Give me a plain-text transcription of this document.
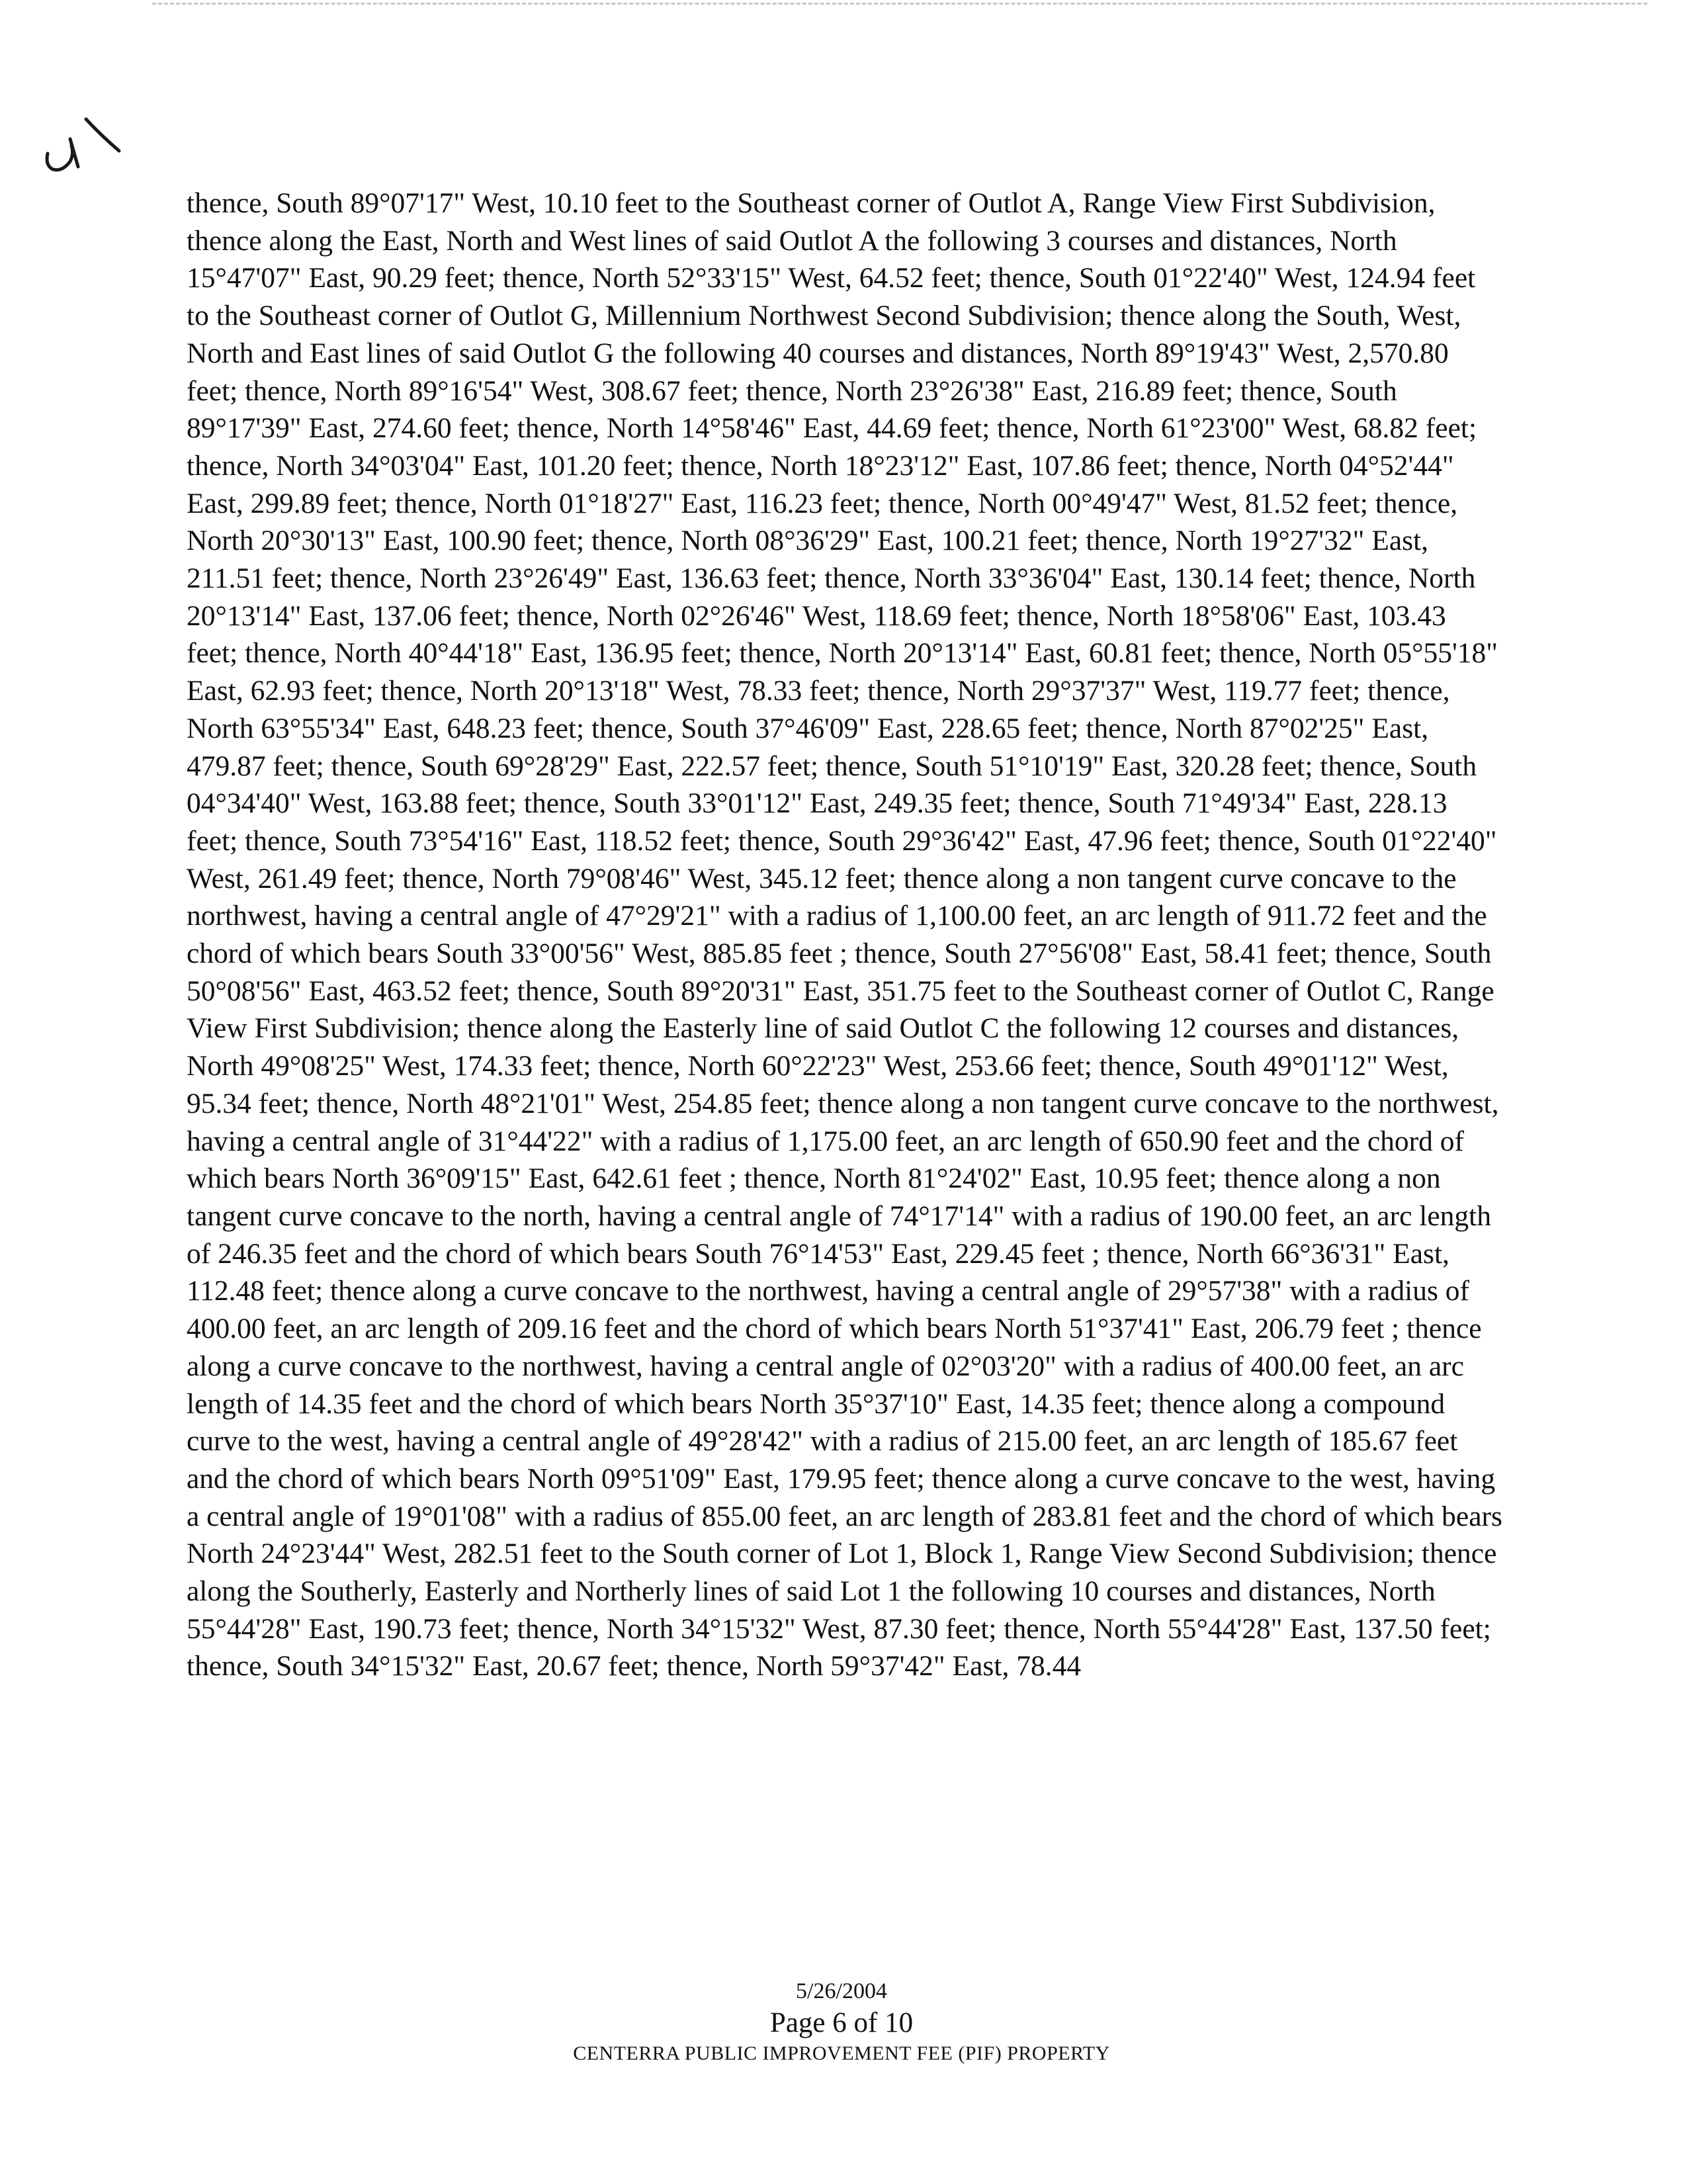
thence, South 89°07'17" West, 10.10 feet to the Southeast corner of Outlot A, Range View First Subdivision, thence along the East, North and West lines of said Outlot A the following 3 courses and distances, North 15°47'07" East, 90.29 feet; thence, North 52°33'15" West, 64.52 feet; thence, South 01°22'40" West, 124.94 feet to the Southeast corner of Outlot G, Millennium Northwest Second Subdivision; thence along the South, West, North and East lines of said Outlot G the following 40 courses and distances, North 89°19'43" West, 2,570.80 feet; thence, North 89°16'54" West, 308.67 feet; thence, North 23°26'38" East, 216.89 feet; thence, South 89°17'39" East, 274.60 feet; thence, North 14°58'46" East, 44.69 feet; thence, North 61°23'00" West, 68.82 feet; thence, North 34°03'04" East, 101.20 feet; thence, North 18°23'12" East, 107.86 feet; thence, North 04°52'44" East, 299.89 feet; thence, North 01°18'27" East, 116.23 feet; thence, North 00°49'47" West, 81.52 feet; thence, North 20°30'13" East, 100.90 feet; thence, North 08°36'29" East, 100.21 feet; thence, North 19°27'32" East, 211.51 feet; thence, North 23°26'49" East, 136.63 feet; thence, North 33°36'04" East, 130.14 feet; thence, North 20°13'14" East, 137.06 feet; thence, North 02°26'46" West, 118.69 feet; thence, North 18°58'06" East, 103.43 feet; thence, North 40°44'18" East, 136.95 feet; thence, North 20°13'14" East, 60.81 feet; thence, North 05°55'18" East, 62.93 feet; thence, North 20°13'18" West, 78.33 feet; thence, North 29°37'37" West, 119.77 feet; thence, North 63°55'34" East, 648.23 feet; thence, South 37°46'09" East, 228.65 feet; thence, North 87°02'25" East, 479.87 feet; thence, South 69°28'29" East, 222.57 feet; thence, South 51°10'19" East, 320.28 feet; thence, South 04°34'40" West, 163.88 feet; thence, South 33°01'12" East, 249.35 feet; thence, South 71°49'34" East, 228.13 feet; thence, South 73°54'16" East, 118.52 feet; thence, South 29°36'42" East, 47.96 feet; thence, South 01°22'40" West, 261.49 feet; thence, North 79°08'46" West, 345.12 feet; thence along a non tangent curve concave to the northwest, having a central angle of 47°29'21" with a radius of 1,100.00 feet, an arc length of 911.72 feet and the chord of which bears South 33°00'56" West, 885.85 feet ; thence, South 27°56'08" East, 58.41 feet; thence, South 50°08'56" East, 463.52 feet; thence, South 89°20'31" East, 351.75 feet to the Southeast corner of Outlot C, Range View First Subdivision; thence along the Easterly line of said Outlot C the following 12 courses and distances, North 49°08'25" West, 174.33 feet; thence, North 60°22'23" West, 253.66 feet; thence, South 49°01'12" West, 95.34 feet; thence, North 48°21'01" West, 254.85 feet; thence along a non tangent curve concave to the northwest, having a central angle of 31°44'22" with a radius of 1,175.00 feet, an arc length of 650.90 feet and the chord of which bears North 36°09'15" East, 642.61 feet ; thence, North 81°24'02" East, 10.95 feet; thence along a non tangent curve concave to the north, having a central angle of 74°17'14" with a radius of 190.00 feet, an arc length of 246.35 feet and the chord of which bears South 76°14'53" East, 229.45 feet ; thence, North 66°36'31" East, 112.48 feet; thence along a curve concave to the northwest, having a central angle of 29°57'38" with a radius of 400.00 feet, an arc length of 209.16 feet and the chord of which bears North 51°37'41" East, 206.79 feet ; thence along a curve concave to the northwest, having a central angle of 02°03'20" with a radius of 400.00 feet, an arc length of 14.35 feet and the chord of which bears North 35°37'10" East, 14.35 feet; thence along a compound curve to the west, having a central angle of 49°28'42" with a radius of 215.00 feet, an arc length of 185.67 feet and the chord of which bears North 09°51'09" East, 179.95 feet; thence along a curve concave to the west, having a central angle of 19°01'08" with a radius of 855.00 feet, an arc length of 283.81 feet and the chord of which bears North 24°23'44" West, 282.51 feet to the South corner of Lot 1, Block 1, Range View Second Subdivision; thence along the Southerly, Easterly and Northerly lines of said Lot 1 the following 10 courses and distances, North 55°44'28" East, 190.73 feet; thence, North 34°15'32" West, 87.30 feet; thence, North 55°44'28" East, 137.50 feet; thence, South 34°15'32" East, 20.67 feet; thence, North 59°37'42" East, 78.44

5/26/2004
Page 6 of 10
CENTERRA PUBLIC IMPROVEMENT FEE (PIF) PROPERTY
